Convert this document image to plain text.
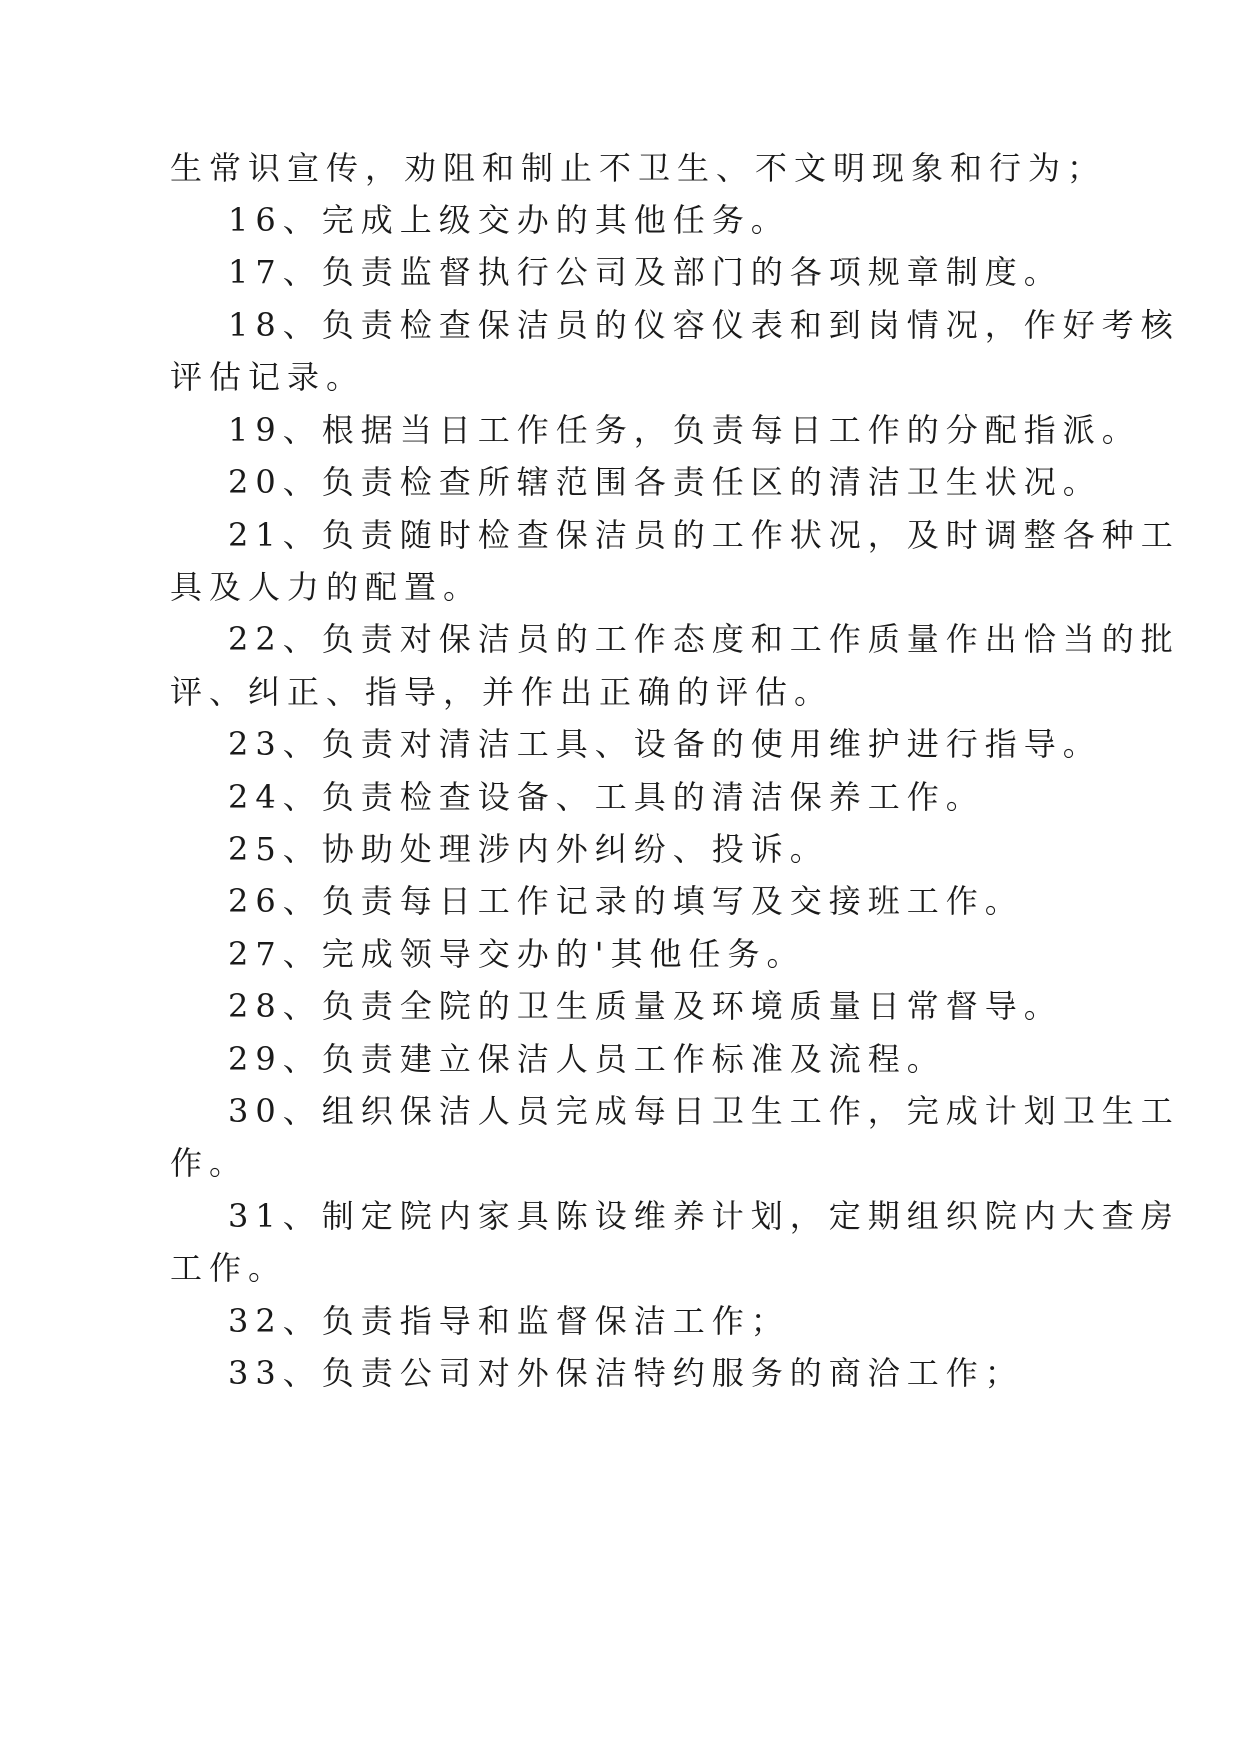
生常识宣传，劝阻和制止不卫生、不文明现象和行为；

16、完成上级交办的其他任务。

17、负责监督执行公司及部门的各项规章制度。

18、负责检查保洁员的仪容仪表和到岗情况，作好考核

评估记录。

19、根据当日工作任务，负责每日工作的分配指派。

20、负责检查所辖范围各责任区的清洁卫生状况。

21、负责随时检查保洁员的工作状况，及时调整各种工

具及人力的配置。

22、负责对保洁员的工作态度和工作质量作出恰当的批

评、纠正、指导，并作出正确的评估。

23、负责对清洁工具、设备的使用维护进行指导。

24、负责检查设备、工具的清洁保养工作。

25、协助处理涉内外纠纷、投诉。

26、负责每日工作记录的填写及交接班工作。

27、完成领导交办的'其他任务。

28、负责全院的卫生质量及环境质量日常督导。

29、负责建立保洁人员工作标准及流程。

30、组织保洁人员完成每日卫生工作，完成计划卫生工

作。

31、制定院内家具陈设维养计划，定期组织院内大查房

工作。

32、负责指导和监督保洁工作；

33、负责公司对外保洁特约服务的商洽工作；
